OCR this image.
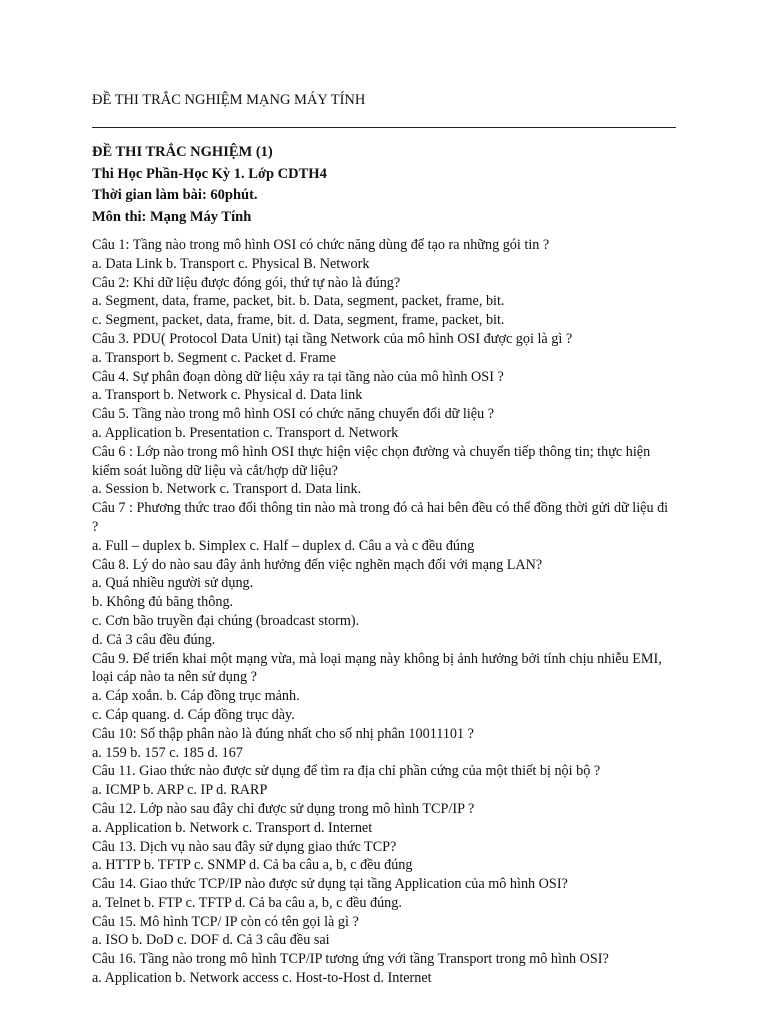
ĐỀ THI TRẮC NGHIỆM MẠNG MÁY TÍNH
ĐỀ THI TRẮC NGHIỆM (1)
Thi Học Phần-Học Kỳ 1. Lớp CDTH4
Thời gian làm bài: 60phút.
Môn thi: Mạng Máy Tính
Câu 1: Tầng nào trong mô hình OSI có chức năng dùng để tạo ra những gói tin ?
a. Data Link b. Transport c. Physical B. Network
Câu 2: Khi dữ liệu được đóng gói, thứ tự nào là đúng?
a. Segment, data, frame, packet, bit. b. Data, segment, packet, frame, bit.
c. Segment, packet, data, frame, bit. d. Data, segment, frame, packet, bit.
Câu 3. PDU( Protocol Data Unit) tại tầng Network của mô hình OSI được gọi là gì ?
a. Transport b. Segment c. Packet d. Frame
Câu 4. Sự phân đoạn dòng dữ liệu xảy ra tại tầng nào của mô hình OSI ?
a. Transport b. Network c. Physical d. Data link
Câu 5. Tầng nào trong mô hình OSI có chức năng chuyển đổi dữ liệu ?
a. Application b. Presentation c. Transport d. Network
Câu 6 : Lớp nào trong mô hình OSI thực hiện việc chọn đường và chuyển tiếp thông tin; thực hiện
kiểm soát luồng dữ liệu và cắt/hợp dữ liệu?
a. Session b. Network c. Transport d. Data link.
Câu 7 : Phương thức trao đổi thông tin nào mà trong đó cả hai bên đều có thể đồng thời gửi dữ liệu đi
?
a. Full – duplex b. Simplex c. Half – duplex d. Câu a và c đều đúng
Câu 8. Lý do nào sau đây ảnh hưởng đến việc nghẽn mạch đối với mạng LAN?
a. Quá nhiều người sử dụng.
b. Không đủ băng thông.
c. Cơn bão truyền đại chúng (broadcast storm).
d. Cả 3 câu đều đúng.
Câu 9. Để triển khai một mạng vừa, mà loại mạng này không bị ảnh hưởng bởi tính chịu nhiễu EMI,
loại cáp nào ta nên sử dụng ?
a. Cáp xoắn. b. Cáp đồng trục mảnh.
c. Cáp quang. d. Cáp đồng trục dày.
Câu 10: Số thập phân nào là đúng nhất cho số nhị phân 10011101 ?
a. 159 b. 157 c. 185 d. 167
Câu 11. Giao thức nào được sử dụng để tìm ra địa chỉ phần cứng của một thiết bị nội bộ ?
a. ICMP b. ARP c. IP d. RARP
Câu 12. Lớp nào sau đây chỉ được sử dụng trong mô hình TCP/IP ?
a. Application b. Network c. Transport d. Internet
Câu 13. Dịch vụ nào sau đây sử dụng giao thức TCP?
a. HTTP b. TFTP c. SNMP d. Cả ba câu a, b, c đều đúng
Câu 14. Giao thức TCP/IP nào được sử dụng tại tầng Application của mô hình OSI?
a. Telnet b. FTP c. TFTP d. Cả ba câu a, b, c đều đúng.
Câu 15. Mô hình TCP/ IP còn có tên gọi là gì ?
a. ISO b. DoD c. DOF d. Cả 3 câu đều sai
Câu 16. Tầng nào trong mô hình TCP/IP tương ứng với tầng Transport trong mô hình OSI?
a. Application b. Network access c. Host-to-Host d. Internet
